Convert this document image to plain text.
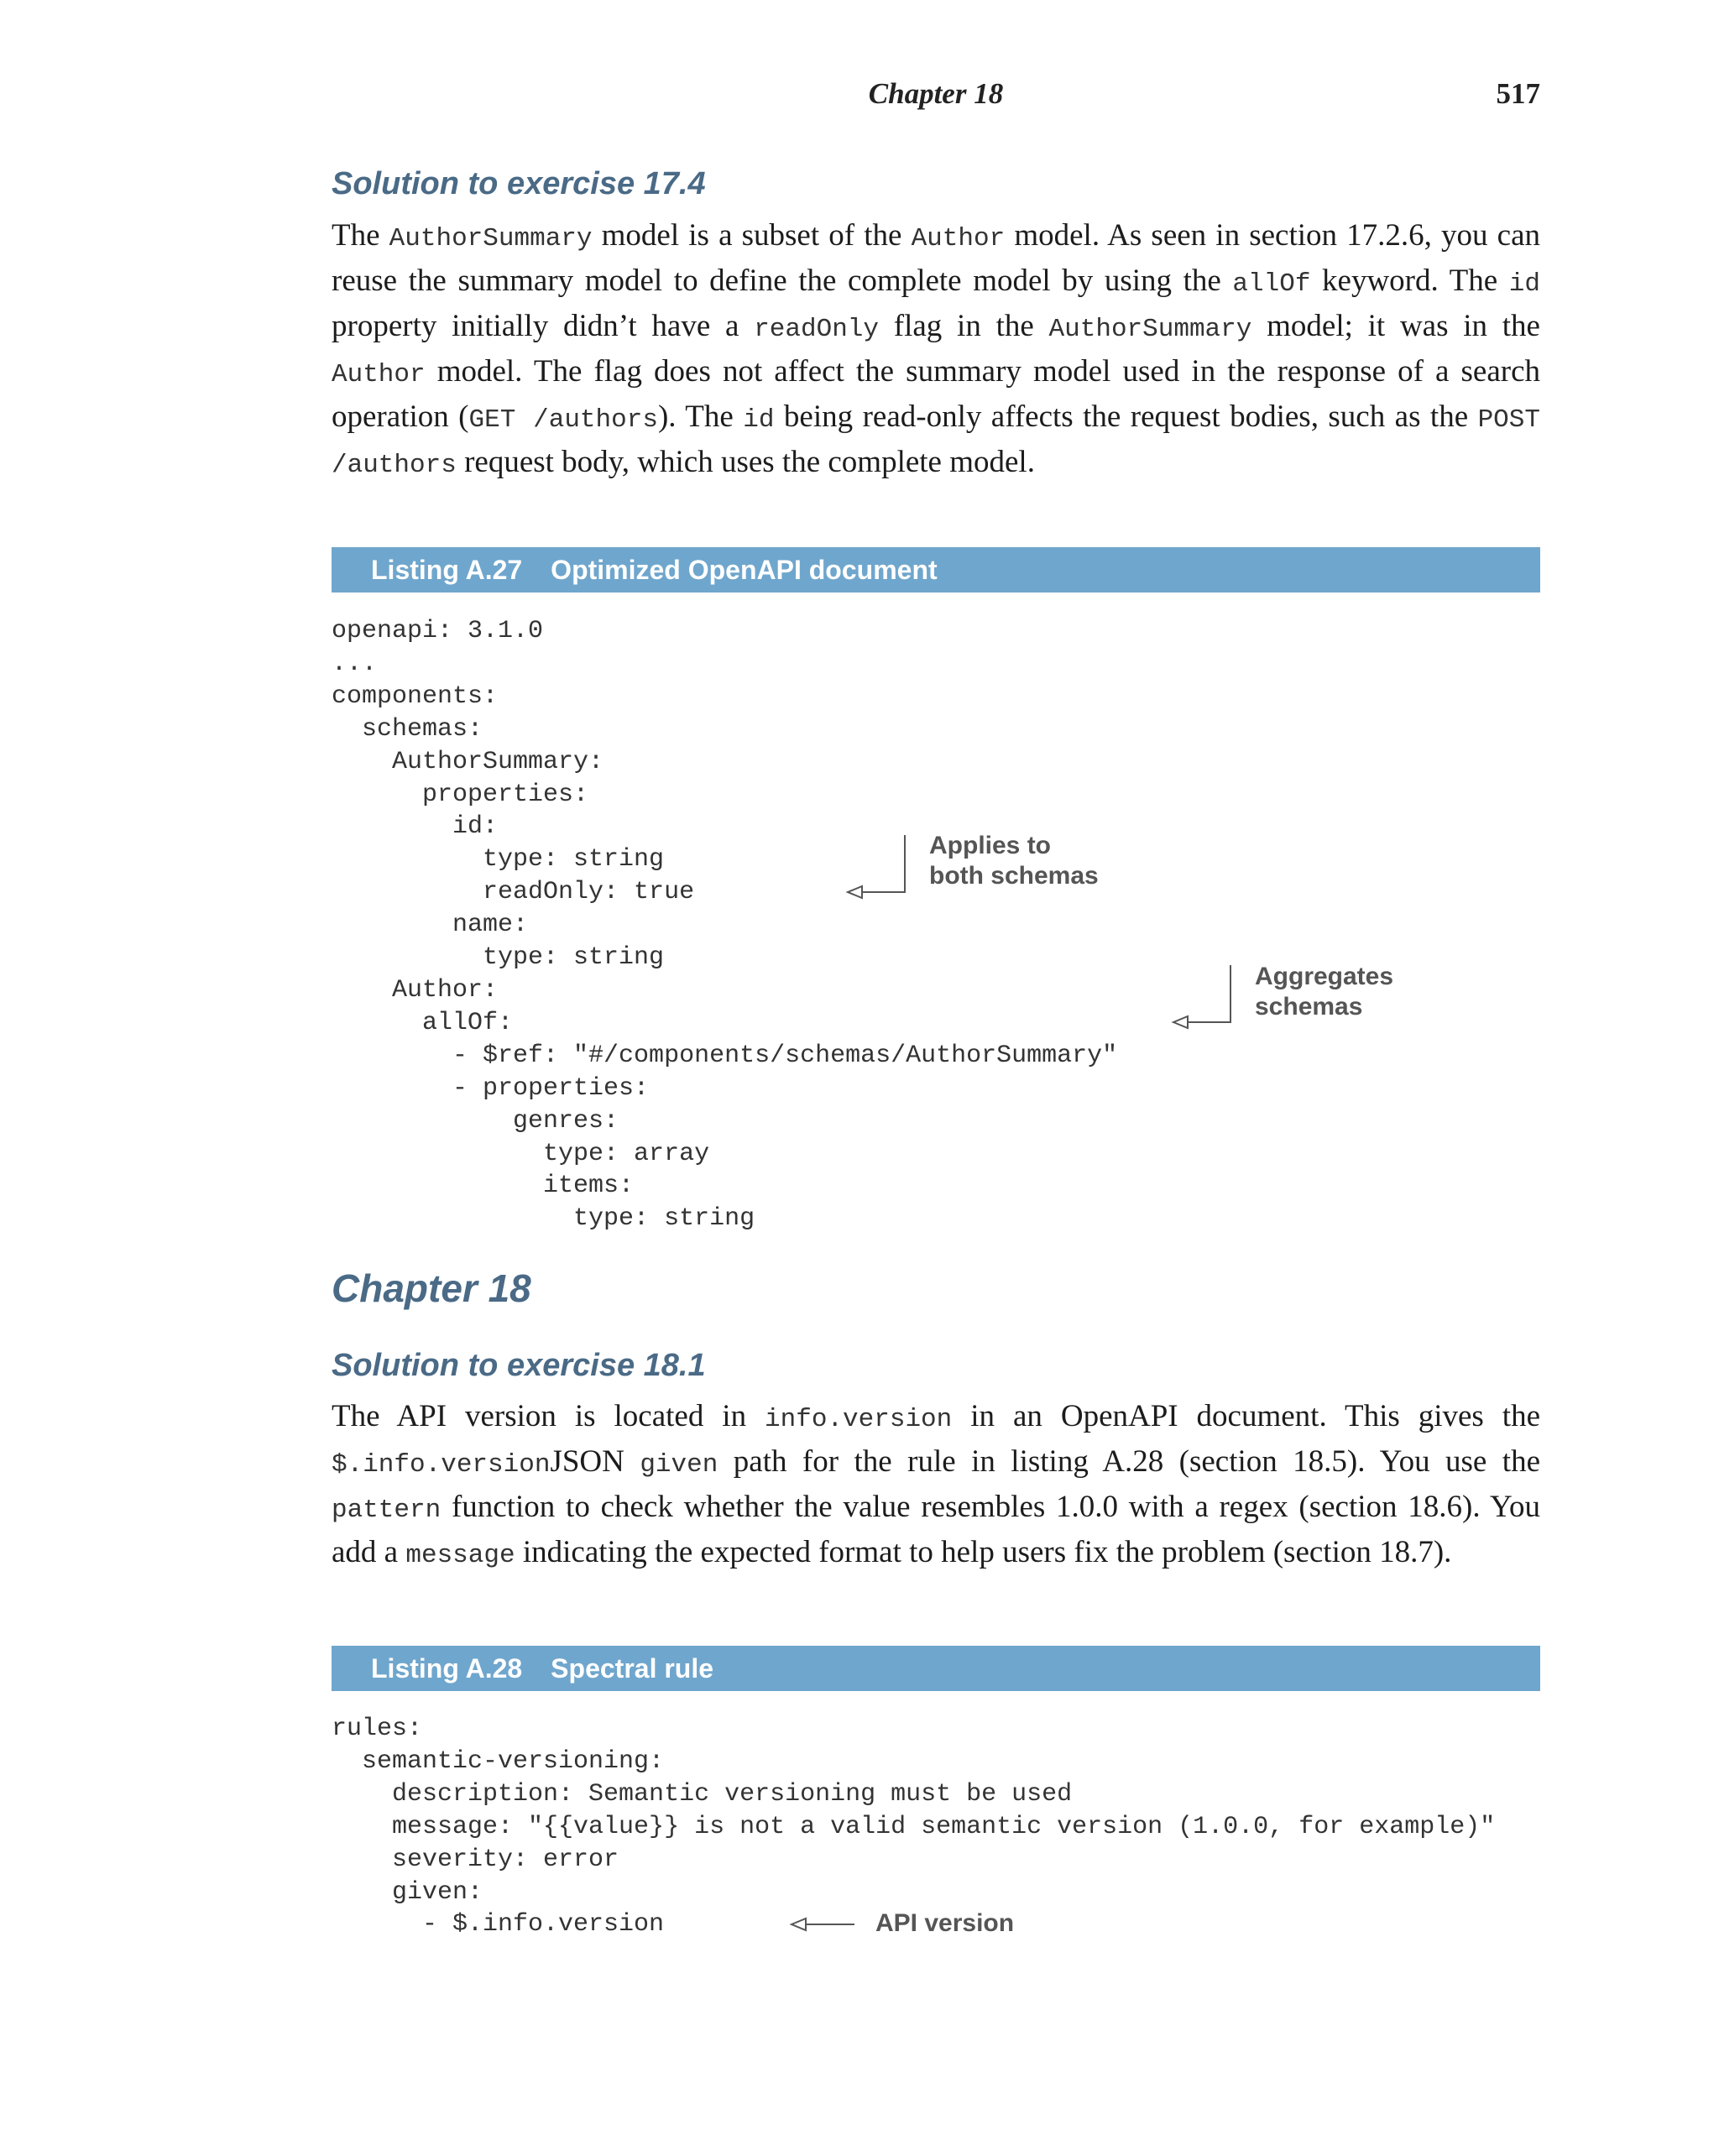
Chapter 18	517
Solution to exercise 17.4

The AuthorSummary model is a subset of the Author model. As seen in section 17.2.6, you can reuse the summary model to define the complete model by using the allOf keyword. The id property initially didn’t have a readOnly flag in the AuthorSummary model; it was in the Author model. The flag does not affect the summary model used in the response of a search operation (GET /authors). The id being read-only affects the request bodies, such as the POST /authors request body, which uses the complete model.

Listing A.27 Optimized OpenAPI document
openapi: 3.1.0
...
components:
schemas:
AuthorSummary:
properties:
id:
type: string
readOnly: true
name:
type: string
Author:
allOf:
- $ref: "#/components/schemas/AuthorSummary"
- properties:
genres:
type: array
items:
type: string
Applies to
both schemas
Aggregates
schemas
Chapter 18
Solution to exercise 18.1

The API version is located in info.version in an OpenAPI document. This gives the $.info.versionJSON given path for the rule in listing A.28 (section 18.5). You use the pattern function to check whether the value resembles 1.0.0 with a regex (section 18.6). You add a message indicating the expected format to help users fix the problem (section 18.7).

Listing A.28 Spectral rule
rules:
semantic-versioning:
description: Semantic versioning must be used
message: "{{value}} is not a valid semantic version (1.0.0, for example)"
severity: error
given:
- $.info.version	API version
